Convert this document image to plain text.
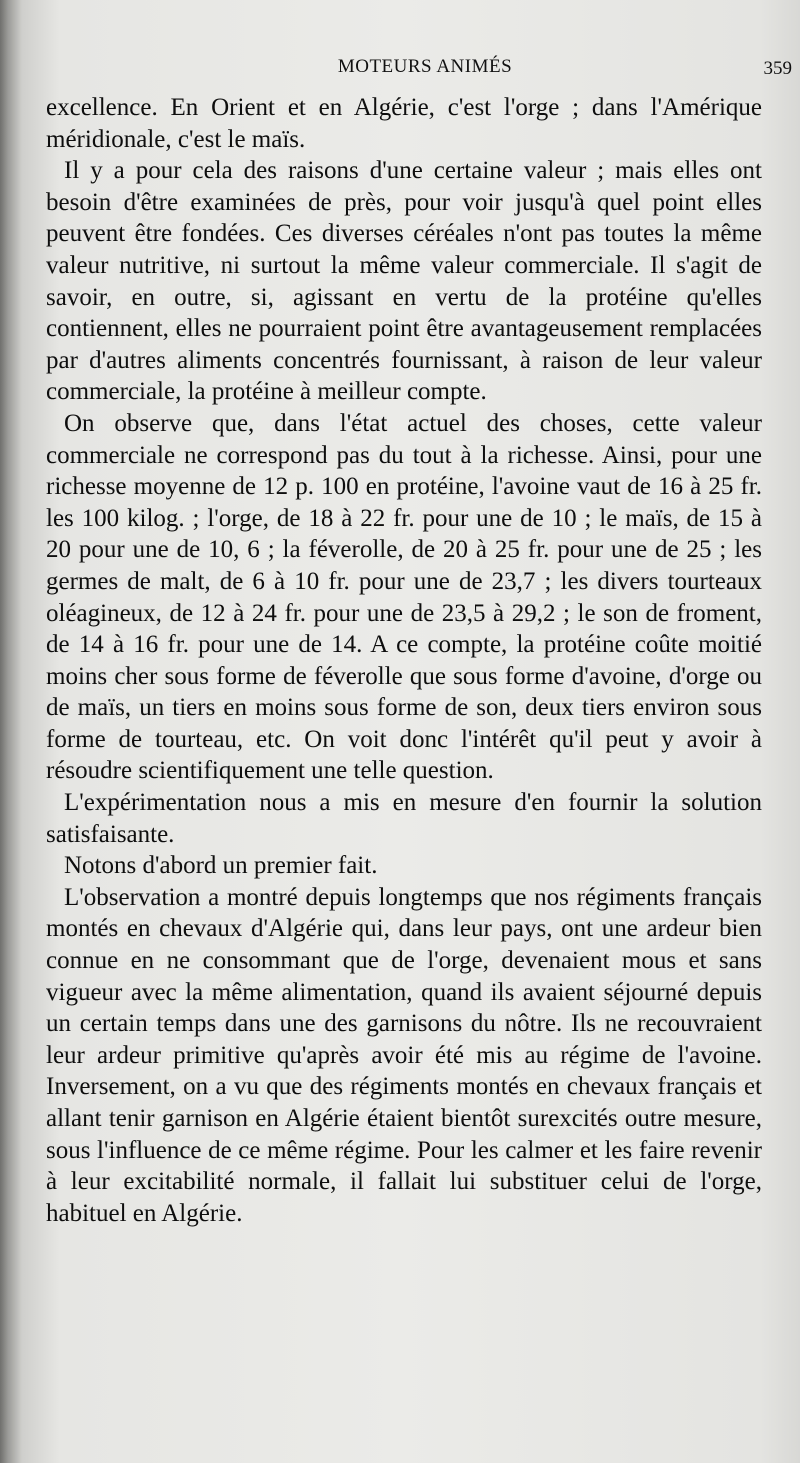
MOTEURS ANIMÉS	359

excellence. En Orient et en Algérie, c'est l'orge ; dans l'Amérique méridionale, c'est le maïs.

Il y a pour cela des raisons d'une certaine valeur ; mais elles ont besoin d'être examinées de près, pour voir jusqu'à quel point elles peuvent être fondées. Ces diverses céréales n'ont pas toutes la même valeur nutritive, ni surtout la même valeur commerciale. Il s'agit de savoir, en outre, si, agissant en vertu de la protéine qu'elles contiennent, elles ne pourraient point être avantageusement remplacées par d'autres aliments concentrés fournissant, à raison de leur valeur commerciale, la protéine à meilleur compte.

On observe que, dans l'état actuel des choses, cette valeur commerciale ne correspond pas du tout à la richesse. Ainsi, pour une richesse moyenne de 12 p. 100 en protéine, l'avoine vaut de 16 à 25 fr. les 100 kilog. ; l'orge, de 18 à 22 fr. pour une de 10 ; le maïs, de 15 à 20 pour une de 10, 6 ; la féverolle, de 20 à 25 fr. pour une de 25 ; les germes de malt, de 6 à 10 fr. pour une de 23,7 ; les divers tourteaux oléagineux, de 12 à 24 fr. pour une de 23,5 à 29,2 ; le son de froment, de 14 à 16 fr. pour une de 14. A ce compte, la protéine coûte moitié moins cher sous forme de féverolle que sous forme d'avoine, d'orge ou de maïs, un tiers en moins sous forme de son, deux tiers environ sous forme de tourteau, etc. On voit donc l'intérêt qu'il peut y avoir à résoudre scientifiquement une telle question.

L'expérimentation nous a mis en mesure d'en fournir la solution satisfaisante.

Notons d'abord un premier fait.

L'observation a montré depuis longtemps que nos régiments français montés en chevaux d'Algérie qui, dans leur pays, ont une ardeur bien connue en ne consommant que de l'orge, devenaient mous et sans vigueur avec la même alimentation, quand ils avaient séjourné depuis un certain temps dans une des garnisons du nôtre. Ils ne recouvraient leur ardeur primitive qu'après avoir été mis au régime de l'avoine. Inversement, on a vu que des régiments montés en chevaux français et allant tenir garnison en Algérie étaient bientôt surexcités outre mesure, sous l'influence de ce même régime. Pour les calmer et les faire revenir à leur excitabilité normale, il fallait lui substituer celui de l'orge, habituel en Algérie.
